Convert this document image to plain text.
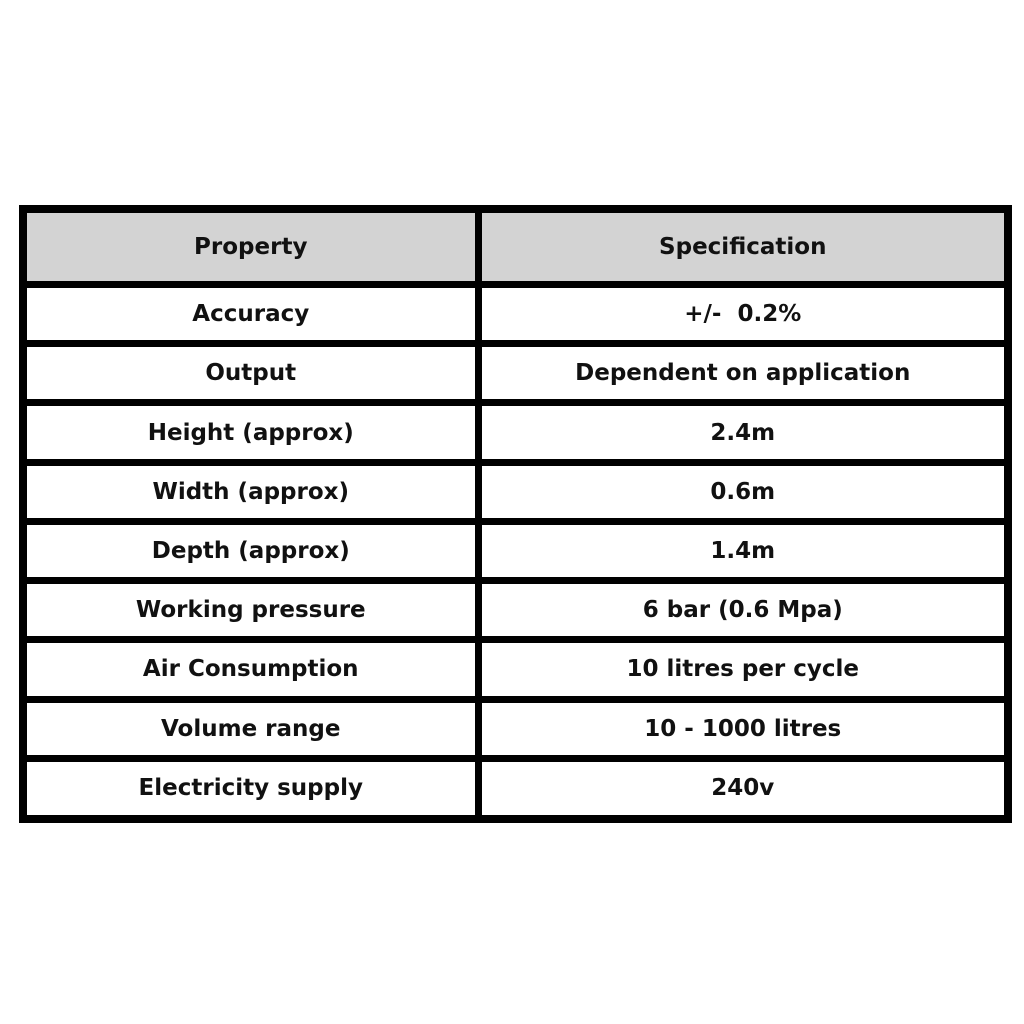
Property	Specification
Accuracy	+/-  0.2%
Output	Dependent on application
Height (approx)	2.4m
Width (approx)	0.6m
Depth (approx)	1.4m
Working pressure	6 bar (0.6 Mpa)
Air Consumption	10 litres per cycle
Volume range	10 - 1000 litres
Electricity supply	240v
